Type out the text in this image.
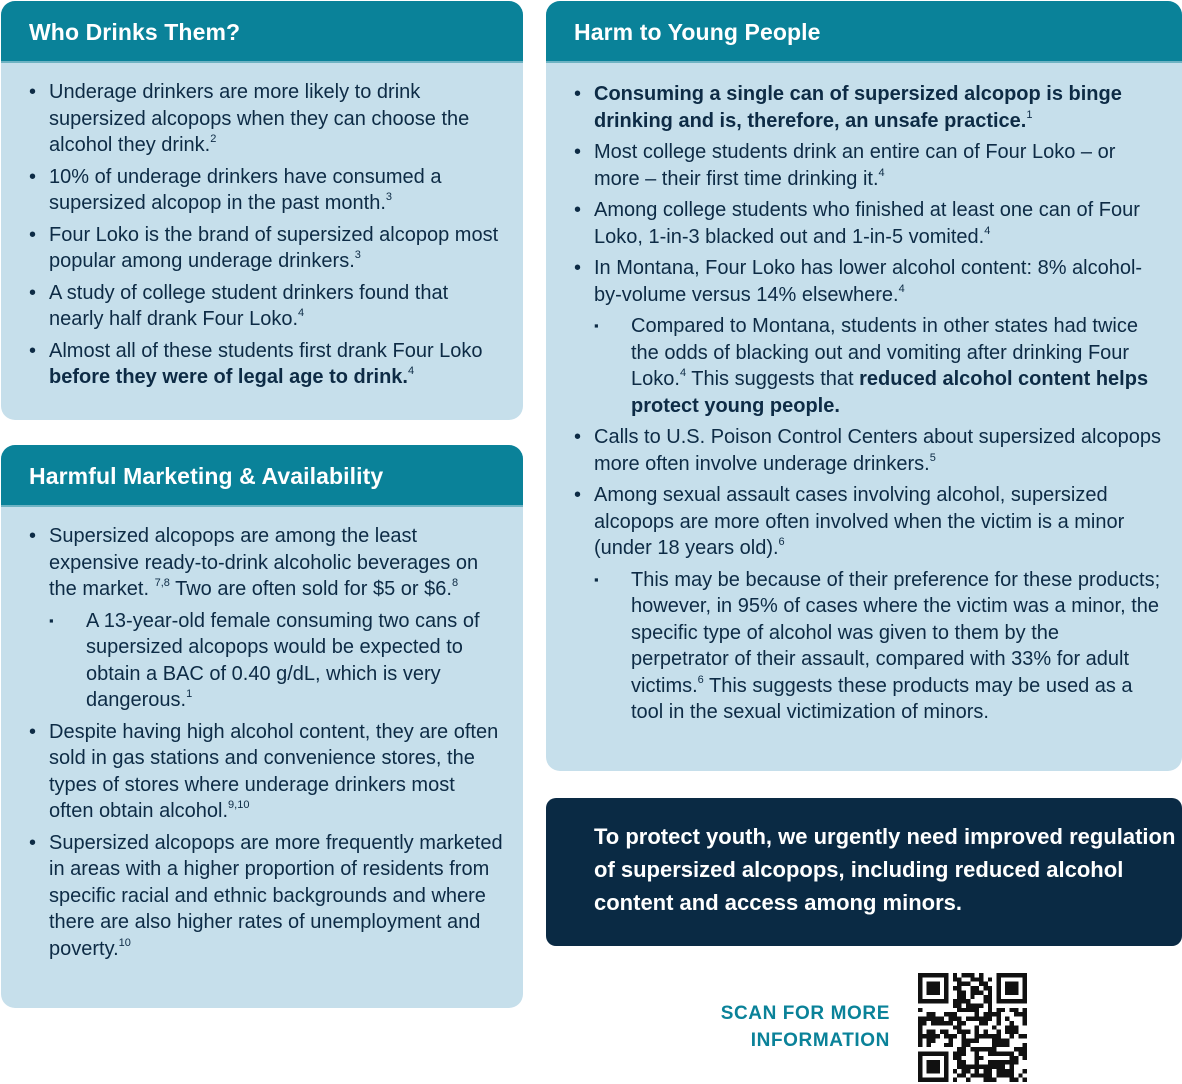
Who Drinks Them?
• Underage drinkers are more likely to drink supersized alcopops when they can choose the alcohol they drink.$^2$
• 10% of underage drinkers have consumed a supersized alcopop in the past month.$^3$
• Four Loko is the brand of supersized alcopop most popular among underage drinkers.$^3$
• A study of college student drinkers found that nearly half drank Four Loko.$^4$
• Almost all of these students first drank Four Loko before they were of legal age to drink.$^4$
Harmful Marketing & Availability
• Supersized alcopops are among the least expensive ready-to-drink alcoholic beverages on the market. $^{7,8}$ Two are often sold for $5 or $6.$^8$
▪ A 13-year-old female consuming two cans of supersized alcopops would be expected to obtain a BAC of 0.40 g/dL, which is very dangerous.$^1$
• Despite having high alcohol content, they are often sold in gas stations and convenience stores, the types of stores where underage drinkers most often obtain alcohol.$^{9,10}$
• Supersized alcopops are more frequently marketed in areas with a higher proportion of residents from specific racial and ethnic backgrounds and where there are also higher rates of unemployment and poverty.$^{10}$
Harm to Young People
• Consuming a single can of supersized alcopop is binge drinking and is, therefore, an unsafe practice.$^1$
• Most college students drink an entire can of Four Loko – or more – their first time drinking it.$^4$
• Among college students who finished at least one can of Four Loko, 1-in-3 blacked out and 1-in-5 vomited.$^4$
• In Montana, Four Loko has lower alcohol content: 8% alcohol-by-volume versus 14% elsewhere.$^4$
▪ Compared to Montana, students in other states had twice the odds of blacking out and vomiting after drinking Four Loko.$^4$ This suggests that reduced alcohol content helps protect young people.
• Calls to U.S. Poison Control Centers about supersized alcopops more often involve underage drinkers.$^5$
• Among sexual assault cases involving alcohol, supersized alcopops are more often involved when the victim is a minor (under 18 years old).$^6$
▪ This may be because of their preference for these products; however, in 95% of cases where the victim was a minor, the specific type of alcohol was given to them by the perpetrator of their assault, compared with 33% for adult victims.$^6$ This suggests these products may be used as a tool in the sexual victimization of minors.
To protect youth, we urgently need improved regulation of supersized alcopops, including reduced alcohol content and access among minors.
SCAN FOR MORE
INFORMATION
